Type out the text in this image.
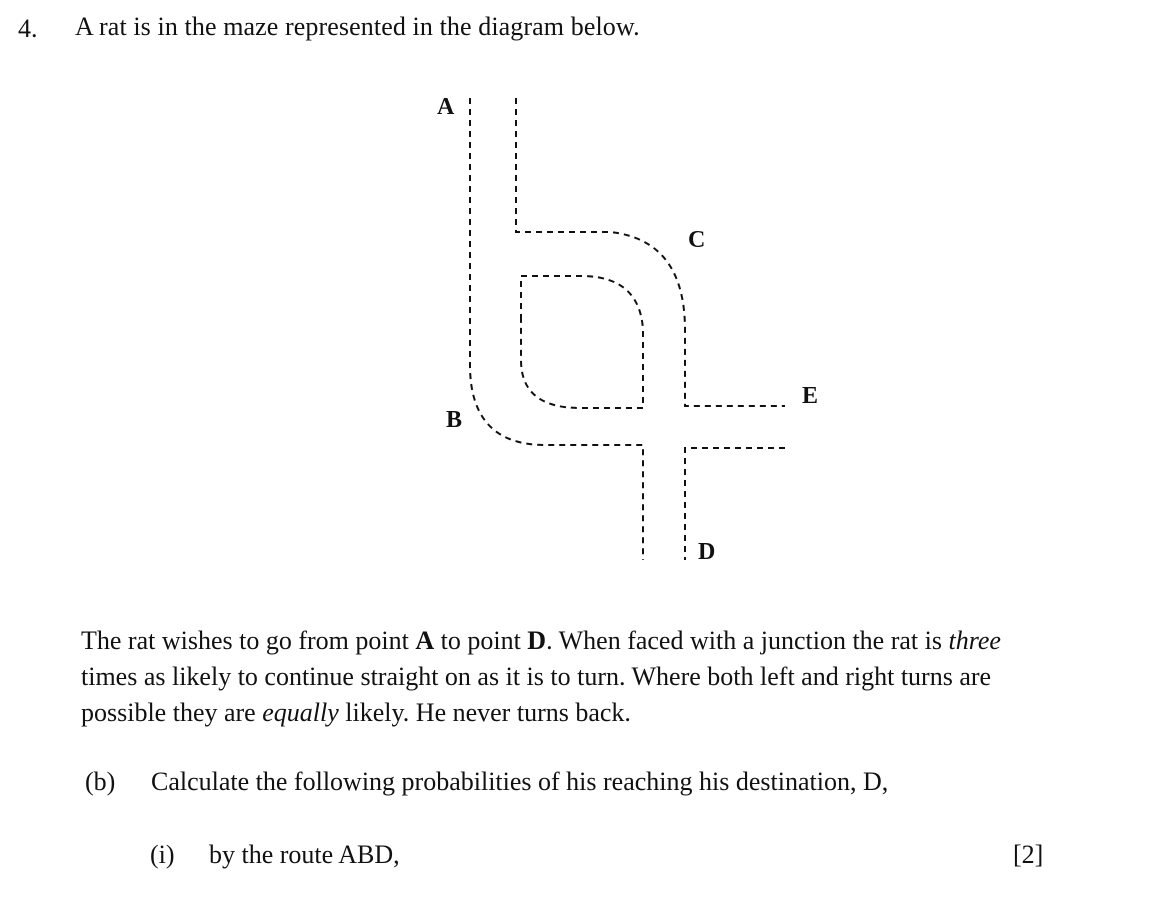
4. A rat is in the maze represented in the diagram below.
A
C
E
B
D
The rat wishes to go from point A to point D. When faced with a junction the rat is three
times as likely to continue straight on as it is to turn. Where both left and right turns are
possible they are equally likely. He never turns back.
(b) Calculate the following probabilities of his reaching his destination, D,
(i) by the route ABD,	[2]
